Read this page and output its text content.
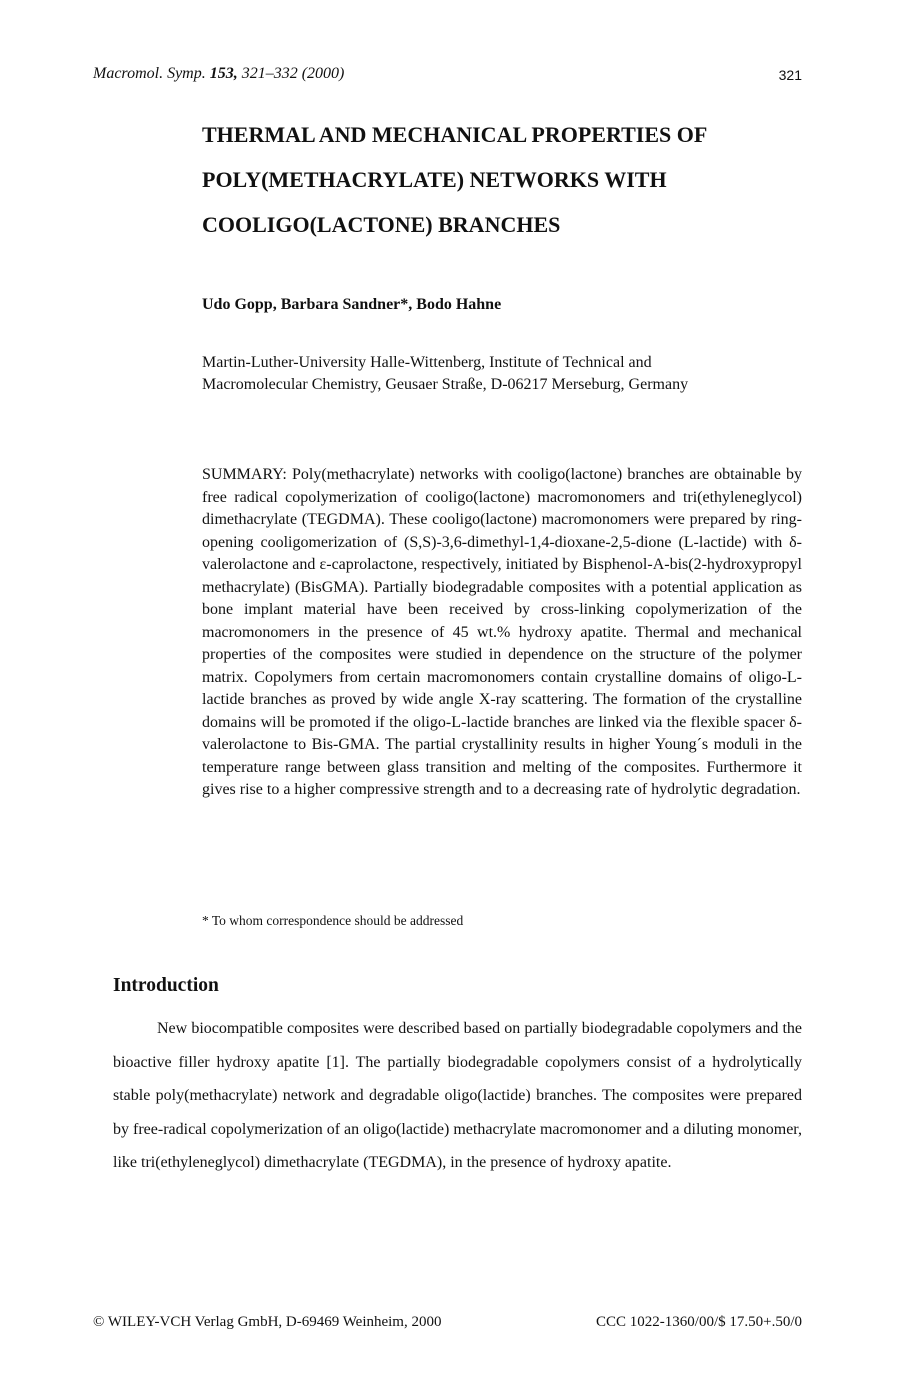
Macromol. Symp. 153, 321–332 (2000)	321
THERMAL AND MECHANICAL PROPERTIES OF
POLY(METHACRYLATE) NETWORKS WITH
COOLIGO(LACTONE) BRANCHES
Udo Gopp, Barbara Sandner*, Bodo Hahne
Martin-Luther-University Halle-Wittenberg, Institute of Technical and
Macromolecular Chemistry, Geusaer Straße, D-06217 Merseburg, Germany
SUMMARY: Poly(methacrylate) networks with cooligo(lactone) branches are obtainable by free radical copolymerization of cooligo(lactone) macromonomers and tri(ethyleneglycol) dimethacrylate (TEGDMA). These cooligo(lactone) macromonomers were prepared by ring-opening cooligomerization of (S,S)-3,6-dimethyl-1,4-dioxane-2,5-dione (L-lactide) with δ-valerolactone and ε-caprolactone, respectively, initiated by Bisphenol-A-bis(2-hydroxypropyl methacrylate) (BisGMA). Partially biodegradable composites with a potential application as bone implant material have been received by cross-linking copolymerization of the macromonomers in the presence of 45 wt.% hydroxy apatite. Thermal and mechanical properties of the composites were studied in dependence on the structure of the polymer matrix. Copolymers from certain macromonomers contain crystalline domains of oligo-L-lactide branches as proved by wide angle X-ray scattering. The formation of the crystalline domains will be promoted if the oligo-L-lactide branches are linked via the flexible spacer δ-valerolactone to Bis-GMA. The partial crystallinity results in higher Young´s moduli in the temperature range between glass transition and melting of the composites. Furthermore it gives rise to a higher compressive strength and to a decreasing rate of hydrolytic degradation.
* To whom correspondence should be addressed
Introduction

New biocompatible composites were described based on partially biodegradable copolymers and the bioactive filler hydroxy apatite [1]. The partially biodegradable copolymers consist of a hydrolytically stable poly(methacrylate) network and degradable oligo(lactide) branches. The composites were prepared by free-radical copolymerization of an oligo(lactide) methacrylate macromonomer and a diluting monomer, like tri(ethyleneglycol) dimethacrylate (TEGDMA), in the presence of hydroxy apatite.

© WILEY-VCH Verlag GmbH, D-69469 Weinheim, 2000	CCC 1022-1360/00/$ 17.50+.50/0
